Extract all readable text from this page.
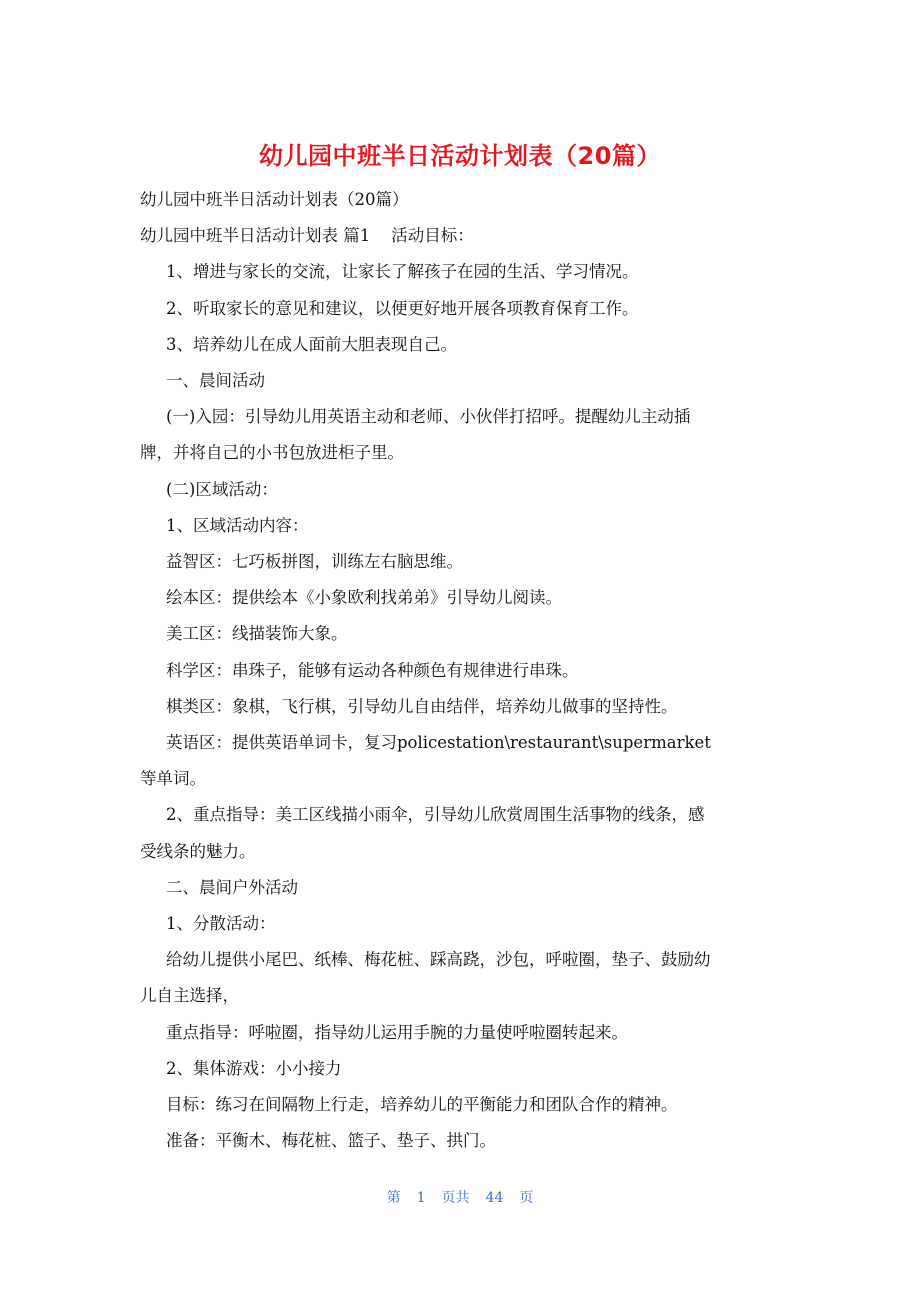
幼儿园中班半日活动计划表（20篇）

幼儿园中班半日活动计划表（20篇）

幼儿园中班半日活动计划表 篇1    活动目标：

1、增进与家长的交流，让家长了解孩子在园的生活、学习情况。

2、听取家长的意见和建议，以便更好地开展各项教育保育工作。

3、培养幼儿在成人面前大胆表现自己。

一、晨间活动

(一)入园：引导幼儿用英语主动和老师、小伙伴打招呼。提醒幼儿主动插

牌，并将自己的小书包放进柜子里。

(二)区域活动：

1、区域活动内容：

益智区：七巧板拼图，训练左右脑思维。

绘本区：提供绘本《小象欧利找弟弟》引导幼儿阅读。

美工区：线描装饰大象。

科学区：串珠子，能够有运动各种颜色有规律进行串珠。

棋类区：象棋，飞行棋，引导幼儿自由结伴，培养幼儿做事的坚持性。

英语区：提供英语单词卡，复习policestation\restaurant\supermarket

等单词。

2、重点指导：美工区线描小雨伞，引导幼儿欣赏周围生活事物的线条，感

受线条的魅力。

二、晨间户外活动

1、分散活动：

给幼儿提供小尾巴、纸棒、梅花桩、踩高跷，沙包，呼啦圈，垫子、鼓励幼

儿自主选择，

重点指导：呼啦圈，指导幼儿运用手腕的力量使呼啦圈转起来。

2、集体游戏：小小接力

目标：练习在间隔物上行走，培养幼儿的平衡能力和团队合作的精神。

准备：平衡木、梅花桩、篮子、垫子、拱门。

第 1 页共 44 页
